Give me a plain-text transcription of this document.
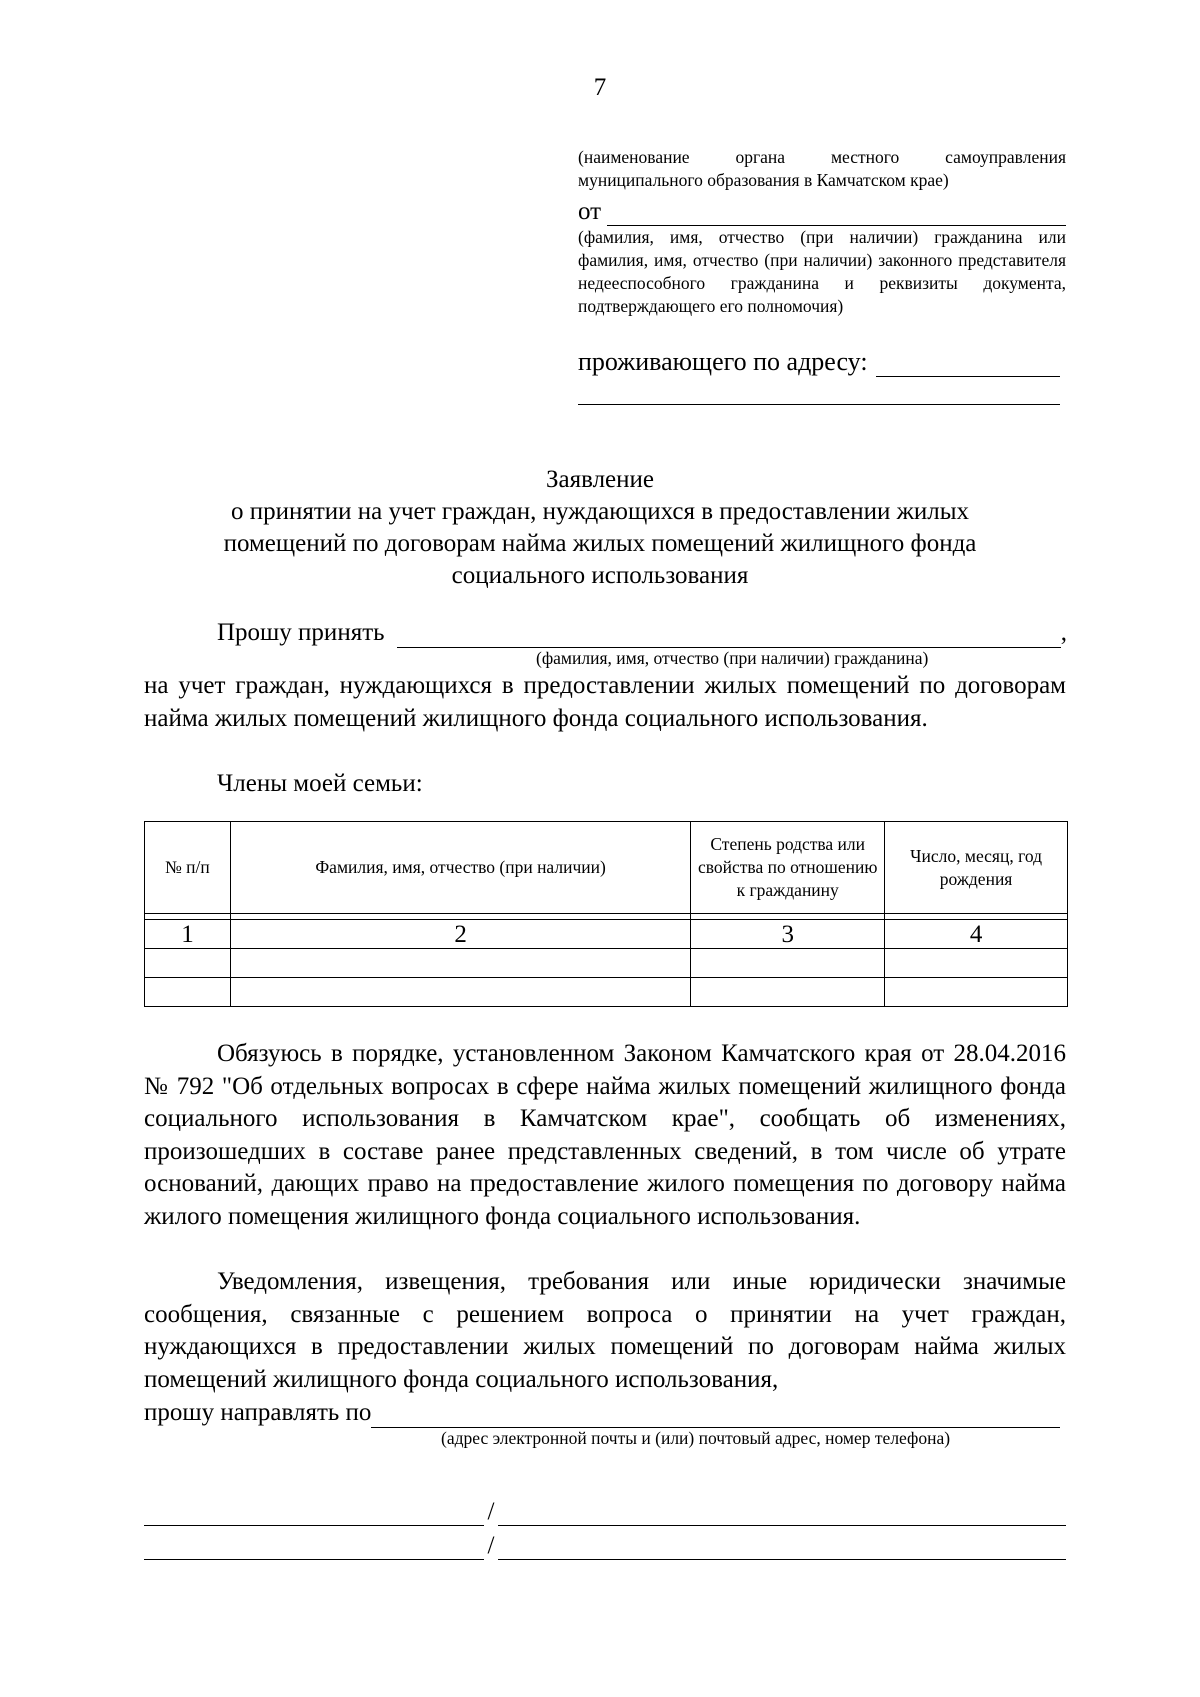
7
(наименование органа местного самоуправления муниципального образования в Камчатском крае)
от
(фамилия, имя, отчество (при наличии) гражданина или фамилия, имя, отчество (при наличии) законного представителя недееспособного гражданина и реквизиты документа, подтверждающего его полномочия)
проживающего по адресу:
Заявление
о принятии на учет граждан, нуждающихся в предоставлении жилых
помещений по договорам найма жилых помещений жилищного фонда
социального использования
Прошу принять	,
(фамилия, имя, отчество (при наличии) гражданина)
на учет граждан, нуждающихся в предоставлении жилых помещений по договорам найма жилых помещений жилищного фонда социального использования.
Члены моей семьи:
№ п/п	Фамилия, имя, отчество (при наличии)	Степень родства или свойства по отношению к гражданину	Число, месяц, год рождения

1	2	3	4

Обязуюсь в порядке, установленном Законом Камчатского края от 28.04.2016 № 792 "Об отдельных вопросах в сфере найма жилых помещений жилищного фонда социального использования в Камчатском крае", сообщать об изменениях, произошедших в составе ранее представленных сведений, в том числе об утрате оснований, дающих право на предоставление жилого помещения по договору найма жилого помещения жилищного фонда социального использования.
Уведомления, извещения, требования или иные юридически значимые сообщения, связанные с решением вопроса о принятии на учет граждан, нуждающихся в предоставлении жилых помещений по договорам найма жилых помещений жилищного фонда социального использования,
прошу направлять по
(адрес электронной почты и (или) почтовый адрес, номер телефона)
/
/
